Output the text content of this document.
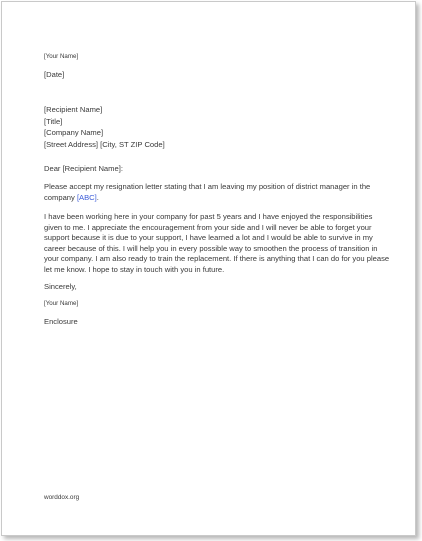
[Your Name]
[Date]
[Recipient Name]
[Title]
[Company Name]
[Street Address] [City, ST ZIP Code]
Dear [Recipient Name]:
Please accept my resignation letter stating that I am leaving my position of district manager in the company [ABC].
I have been working here in your company for past 5 years and I have enjoyed the responsibilities given to me. I appreciate the encouragement from your side and I will never be able to forget your support because it is due to your support, I have learned a lot and I would be able to survive in my career because of this. I will help you in every possible way to smoothen the process of transition in your company. I am also ready to train the replacement. If there is anything that I can do for you please let me know. I hope to stay in touch with you in future.
Sincerely,
[Your Name]
Enclosure
worddox.org
